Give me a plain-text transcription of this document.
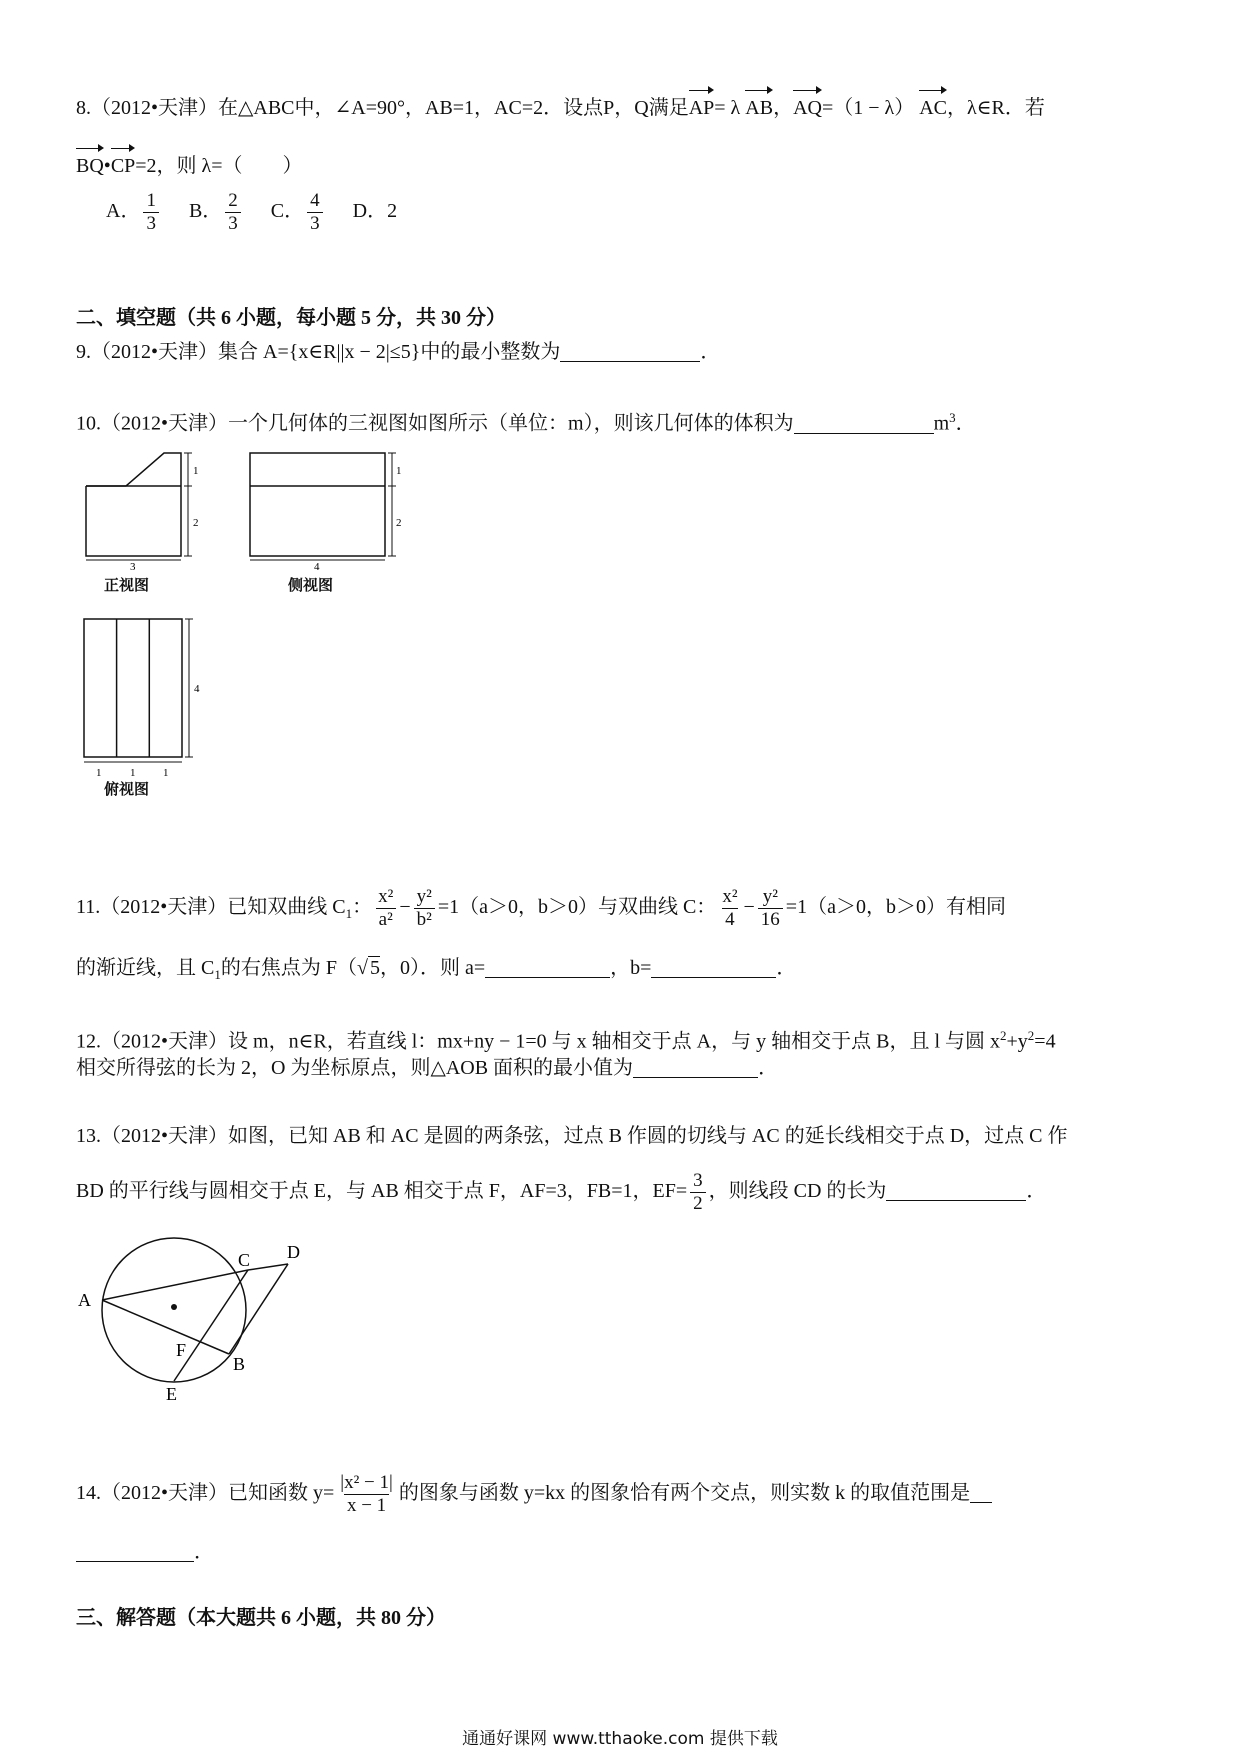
8.（2012•天津）在△ABC中，∠A=90°，AB=1，AC=2．设点P，Q满足AP= λ AB，AQ=（1 − λ） AC，λ∈R．若
BQ•CP=2，则 λ=（　　）
A． $\frac{1}{3}$ B． $\frac{2}{3}$ C． $\frac{4}{3}$ D．2
二、填空题（共 6 小题，每小题 5 分，共 30 分）
9.（2012•天津）集合 A={x∈R||x − 2|≤5}中的最小整数为	．
10.（2012•天津）一个几何体的三视图如图所示（单位：m），则该几何体的体积为	$m^3$．
1
2
3
正视图
1
2
4
侧视图
4
1	1	1
俯视图
11.（2012•天津）已知双曲线 $C_1$： $\frac{\text{x²}}{\text{a²}} - \frac{\text{y²}}{\text{b²}} =1(a>0$，b＞0）与双曲线 C： $\frac{\text{x²}}{4} - \frac{\text{y²}}{16} =1(a>0$，b＞0）有相同
的渐近线，且 $C_1$的右焦点为 F（√ 5，0）．则 a=	，b=	．
12.（2012•天津）设 m，n∈R，若直线 l：mx+ny − 1=0 与 x 轴相交于点 A，与 y 轴相交于点 B，且 l 与圆 $x^2+y^2=4$
相交所得弦的长为 2，O 为坐标原点，则△AOB 面积的最小值为	．
13.（2012•天津）如图，已知 AB 和 AC 是圆的两条弦，过点 B 作圆的切线与 AC 的延长线相交于点 D，过点 C 作
BD 的平行线与圆相交于点 E，与 AB 相交于点 F，AF=3，FB=1，$EF= \frac{3}{2}$ ，则线段 CD 的长为	．
A
B
C D
E
F
14.（2012•天津）已知函数 $y= \frac{\text{|x² − 1|}}{x - 1}$ 的图象与函数 y=kx 的图象恰有两个交点，则实数 k 的取值范围是
．
三、解答题（本大题共 6 小题，共 80 分）
通通好课网 www.tthaoke.com 提供下载
